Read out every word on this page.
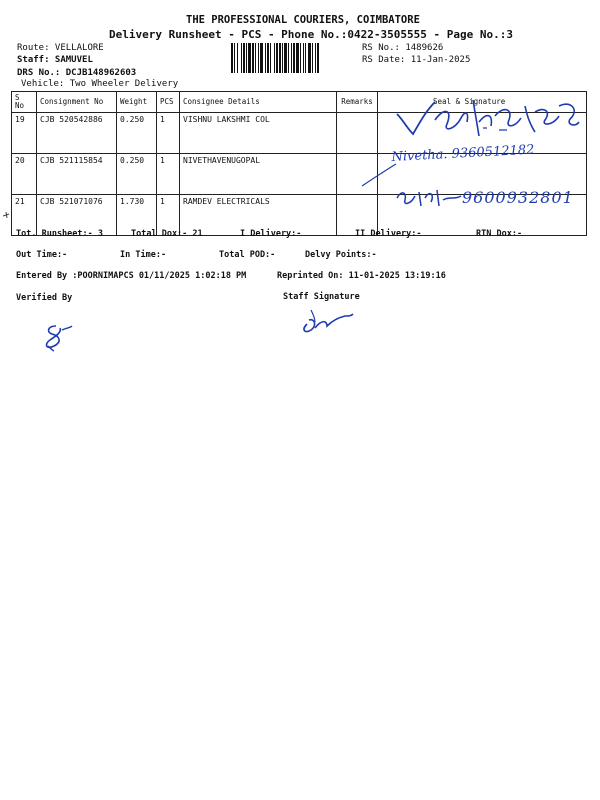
THE PROFESSIONAL COURIERS, COIMBATORE
Delivery Runsheet - PCS - Phone No.:0422-3505555 - Page No.:3
Route: VELLALORE
Staff: SAMUVEL
DRS No.: DCJB148962603
Vehicle: Two Wheeler Delivery
RS No.: 1489626
RS Date: 11-Jan-2025
S No	Consignment No	Weight	PCS	Consignee Details	Remarks	Seal & Signature
19	CJB 520542886	0.250	1	VISHNU LAKSHMI COL		
20	CJB 521115854	0.250	1	NIVETHAVENUGOPAL		
21	CJB 521071076	1.730	1	RAMDEV ELECTRICALS		
Nivetha. 9360512182
9600932801
Tot. Runsheet:- 3	Total Dox:- 21	I Delivery:-	II Delivery:-	RTN Dox:-
Out Time:-	In Time:-	Total POD:-	Delvy Points:-
Entered By :POORNIMAPCS 01/11/2025 1:02:18 PM	Reprinted On: 11-01-2025 13:19:16
Verified By	Staff Signature
